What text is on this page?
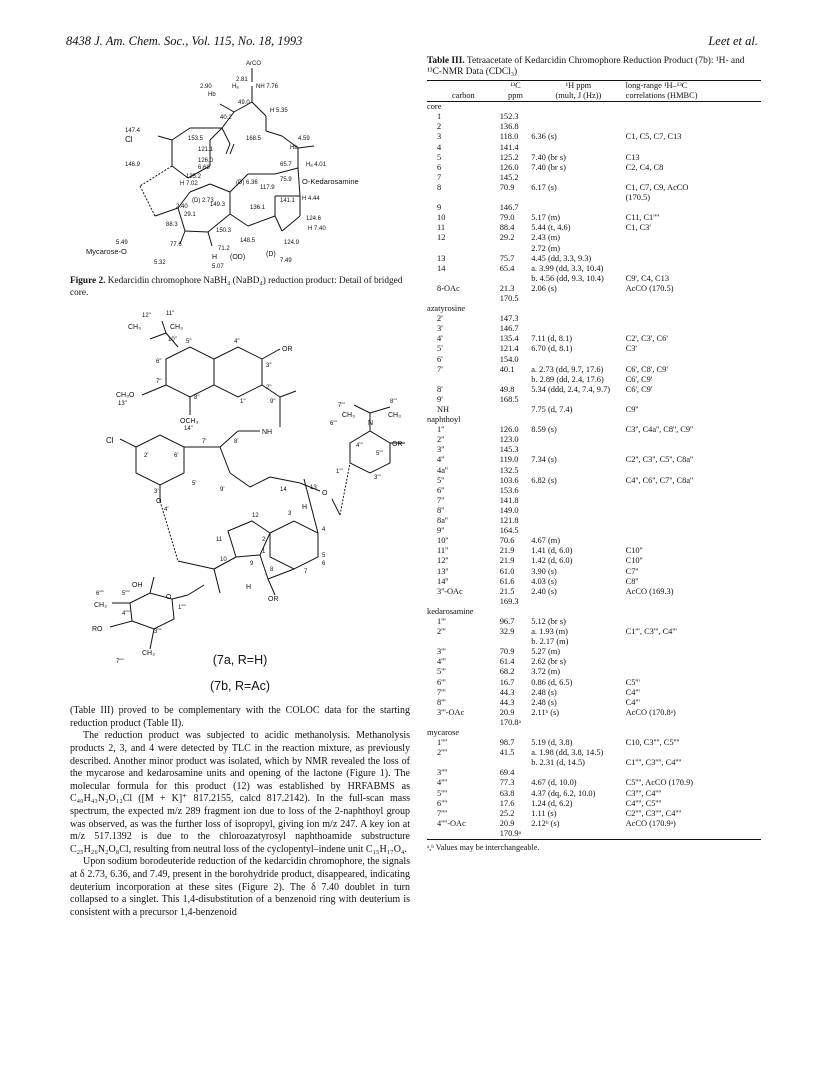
8438 J. Am. Chem. Soc., Vol. 115, No. 18, 1993	Leet et al.
ArCO
NH 7.76
2.81
Hₐ
2.90
Hb
49.0
40.2
H 5.35
153.5	168.5
147.4
Cl
121.1
4.59
Hb
126.0
6.68	65.7 Hₐ 4.01
146.9
135.2
H 7.02	(D) 6.36	75.9 O-Kedarosamine
(D) 2.73
2.40
117.9
141.1 H 4.44
29.1
149.3
88.3
136.1
124.6
H 7.40
5.49	77.6
150.3
148.5	124.9
Mycarose-O	71.2
5.32
H (OD)	(D)
7.49
5.07

Figure 2. Kedarcidin chromophore NaBH₄ (NaBD₄) reduction product: Detail of bridged core.

12"	11"
CH₃	CH₃
10"	4"
5"
OR
6"
3"
7"
2"
CH₃O
13"
8"
1"	9"
OCH₃
14"
7'''
8'''
CH₃
6'''	N
CH₃
Cl
2'	6'
7'	8'
NH
4'''
5'''
OR
1'''
3'''
3'
4'
5'
9'
O
14	13
O
H
12	3
4
11	2
1
5
10
9
8	7
6
H
OR
6""	5""
OH
CH₃
4""
O
1""
RO	3""
CH₃
7""	(7a, R=H)
(7b, R=Ac)

(Table III) proved to be complementary with the COLOC data for the starting reduction product (Table II).

The reduction product was subjected to acidic methanolysis. Methanolysis products 2, 3, and 4 were detected by TLC in the reaction mixture, as previously described. Another minor product was isolated, which by NMR revealed the loss of the mycarose and kedarosamine units and opening of the lactone (Figure 1). The molecular formula for this product (12) was established by HRFABMS as C₄₀H₄₃N₂O₁₂Cl ([M + K]⁺ 817.2155, calcd 817.2142). In the full-scan mass spectrum, the expected m/z 289 fragment ion due to loss of the 2-naphthoyl group was observed, as was the further loss of isopropyl, giving ion m/z 247. A key ion at m/z 517.1392 is due to the chloroazatyrosyl naphthoamide substructure C₂₅H₂₆N₂O₈Cl, resulting from neutral loss of the cyclopentyl–indene unit C₁₅H₁₇O₄.

Upon sodium borodeuteride reduction of the kedarcidin chromophore, the signals at δ 2.73, 6.36, and 7.49, present in the borohydride product, disappeared, indicating deuterium incorporation at these sites (Figure 2). The δ 7.40 doublet in turn collapsed to a singlet. This 1,4-disubstitution of a benzenoid ring with deuterium is consistent with a precursor 1,4-benzenoid

Table III. Tetraacetate of Kedarcidin Chromophore Reduction Product (7b): ¹H- and ¹³C-NMR Data (CDCl₃)

	¹³C	¹H ppm	long-range ¹H–¹³C
carbon	ppm	(mult, J (Hz))	correlations (HMBC)
core			
1	152.3		
2	136.8		
3	118.0	6.36 (s)	C1, C5, C7, C13
4	141.4		
5	125.2	7.40 (br s)	C13
6	126.0	7.40 (br s)	C2, C4, C8
7	145.2		
8	70.9	6.17 (s)	C1, C7, C9, AcCO
			(170.5)
9	146.7		
10	79.0	5.17 (m)	C11, C1''''
11	88.4	5.44 (t, 4.6)	C1, C3'
12	29.2	2.43 (m)	
		2.72 (m)	
13	75.7	4.45 (dd, 3.3, 9.3)	
14	65.4	a. 3.99 (dd, 3.3, 10.4)	
		b. 4.56 (dd, 9.3, 10.4)	C9', C4, C13
8-OAc	21.3	2.06 (s)	AcCO (170.5)
	170.5		
azatyrosine			
2'	147.3		
3'	146.7		
4'	135.4	7.11 (d, 8.1)	C2', C3', C6'
5'	121.4	6.70 (d, 8.1)	C3'
6'	154.0		
7'	40.1	a. 2.73 (dd, 9.7, 17.6)	C6', C8', C9'
		b. 2.89 (dd, 2.4, 17.6)	C6', C9'
8'	49.8	5.34 (ddd, 2.4, 7.4, 9.7)	C6', C9'
9'	168.5		
NH		7.75 (d, 7.4)	C9''
naphthoyl			
1''	126.0	8.59 (s)	C3'', C4a'', C8'', C9''
2''	123.0		
3''	145.3		
4''	119.0	7.34 (s)	C2'', C3'', C5'', C8a''
4a''	132.5		
5''	103.6	6.82 (s)	C4'', C6'', C7'', C8a''
6''	153.6		
7''	141.8		
8''	149.0		
8a''	121.8		
9''	164.5		
10''	70.6	4.67 (m)	
11''	21.9	1.41 (d, 6.0)	C10''
12''	21.9	1.42 (d, 6.0)	C10''
13''	61.0	3.90 (s)	C7''
14''	61.6	4.03 (s)	C8''
3''-OAc	21.5	2.40 (s)	AcCO (169.3)
	169.3		
kedarosamine			
1'''	96.7	5.12 (br s)	
2'''	32.9	a. 1.93 (m)	C1''', C3''', C4'''
		b. 2.17 (m)	
3'''	70.9	5.27 (m)	
4'''	61.4	2.62 (br s)	
5'''	68.2	3.72 (m)	
6'''	16.7	0.86 (d, 6.5)	C5'''
7'''	44.3	2.48 (s)	C4'''
8'''	44.3	2.48 (s)	C4'''
3'''-OAc	20.9	2.11ᵇ (s)	AcCO (170.8ᵃ)
	170.8ᵃ		
mycarose			
1''''	98.7	5.19 (d, 3.8)	C10, C3'''', C5''''
2''''	41.5	a. 1.98 (dd, 3.8, 14.5)	
		b. 2.31 (d, 14.5)	C1'''', C3'''', C4''''
3''''	69.4		
4''''	77.3	4.67 (d, 10.0)	C5'''', AcCO (170.9)
5''''	63.8	4.37 (dq, 6.2, 10.0)	C3'''', C4''''
6''''	17.6	1.24 (d, 6.2)	C4'''', C5''''
7''''	25.2	1.11 (s)	C2'''', C3'''', C4''''
4''''-OAc	20.9	2.12ᵇ (s)	AcCO (170.9ᵃ)
	170.9ᵃ		
ᵃ,ᵇ Values may be interchangeable.
